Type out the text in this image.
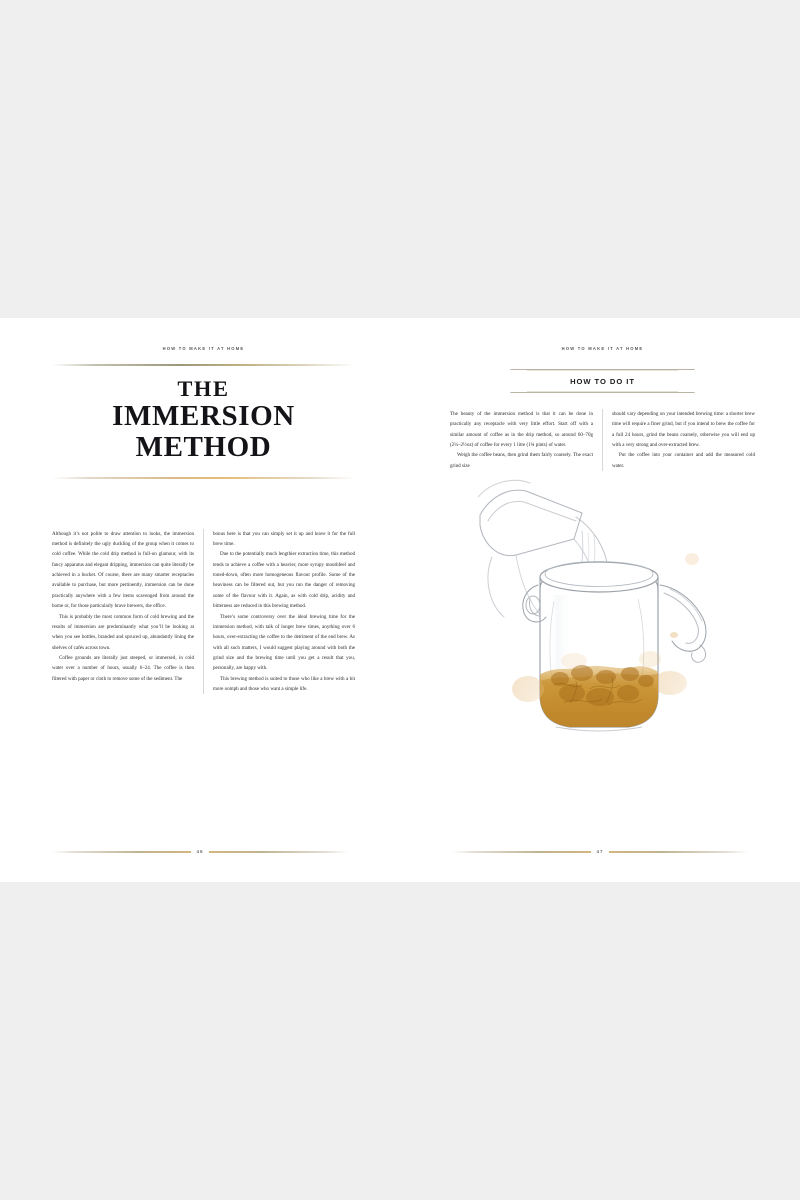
HOW TO MAKE IT AT HOME
THE
IMMERSION
METHOD

Although it’s not polite to draw attention to looks, the immersion method is definitely the ugly duckling of the group when it comes to cold coffee. While the cold drip method is full-on glamour, with its fancy apparatus and elegant dripping, immersion can quite literally be achieved in a bucket. Of course, there are many smarter receptacles available to purchase, but more pertinently, immersion can be done practically anywhere with a few items scavenged from around the home or, for those particularly brave brewers, the office.

This is probably the most common form of cold brewing and the results of immersion are predominantly what you’ll be looking at when you see bottles, branded and spruced up, abundantly lining the shelves of cafés across town.

Coffee grounds are literally just steeped, or immersed, in cold water over a number of hours, usually 6–24. The coffee is then filtered with paper or cloth to remove some of the sediment. The

bonus here is that you can simply set it up and leave it for the full brew time.

Due to the potentially much lengthier extraction time, this method tends to achieve a coffee with a heavier, more syrupy mouthfeel and toned-down, often more homogeneous flavour profile. Some of the heaviness can be filtered out, but you run the danger of removing some of the flavour with it. Again, as with cold drip, acidity and bitterness are reduced in this brewing method.

There’s some controversy over the ideal brewing time for the immersion method, with talk of longer brew times, anything over 6 hours, over-extracting the coffee to the detriment of the end brew. As with all such matters, I would suggest playing around with both the grind size and the brewing time until you get a result that you, personally, are happy with.

This brewing method is suited to those who like a brew with a bit more oomph and those who want a simple life.

46
HOW TO MAKE IT AT HOME
HOW TO DO IT

The beauty of the immersion method is that it can be done in practically any receptacle with very little effort. Start off with a similar amount of coffee as in the drip method, so around 60–70g (2¼–2½oz) of coffee for every 1 litre (1¾ pints) of water.

Weigh the coffee beans, then grind them fairly coarsely. The exact grind size

should vary depending on your intended brewing time: a shorter brew time will require a finer grind, but if you intend to brew the coffee for a full 24 hours, grind the beans coarsely, otherwise you will end up with a very strong and over-extracted brew.

Put the coffee into your container and add the measured cold water.

47
